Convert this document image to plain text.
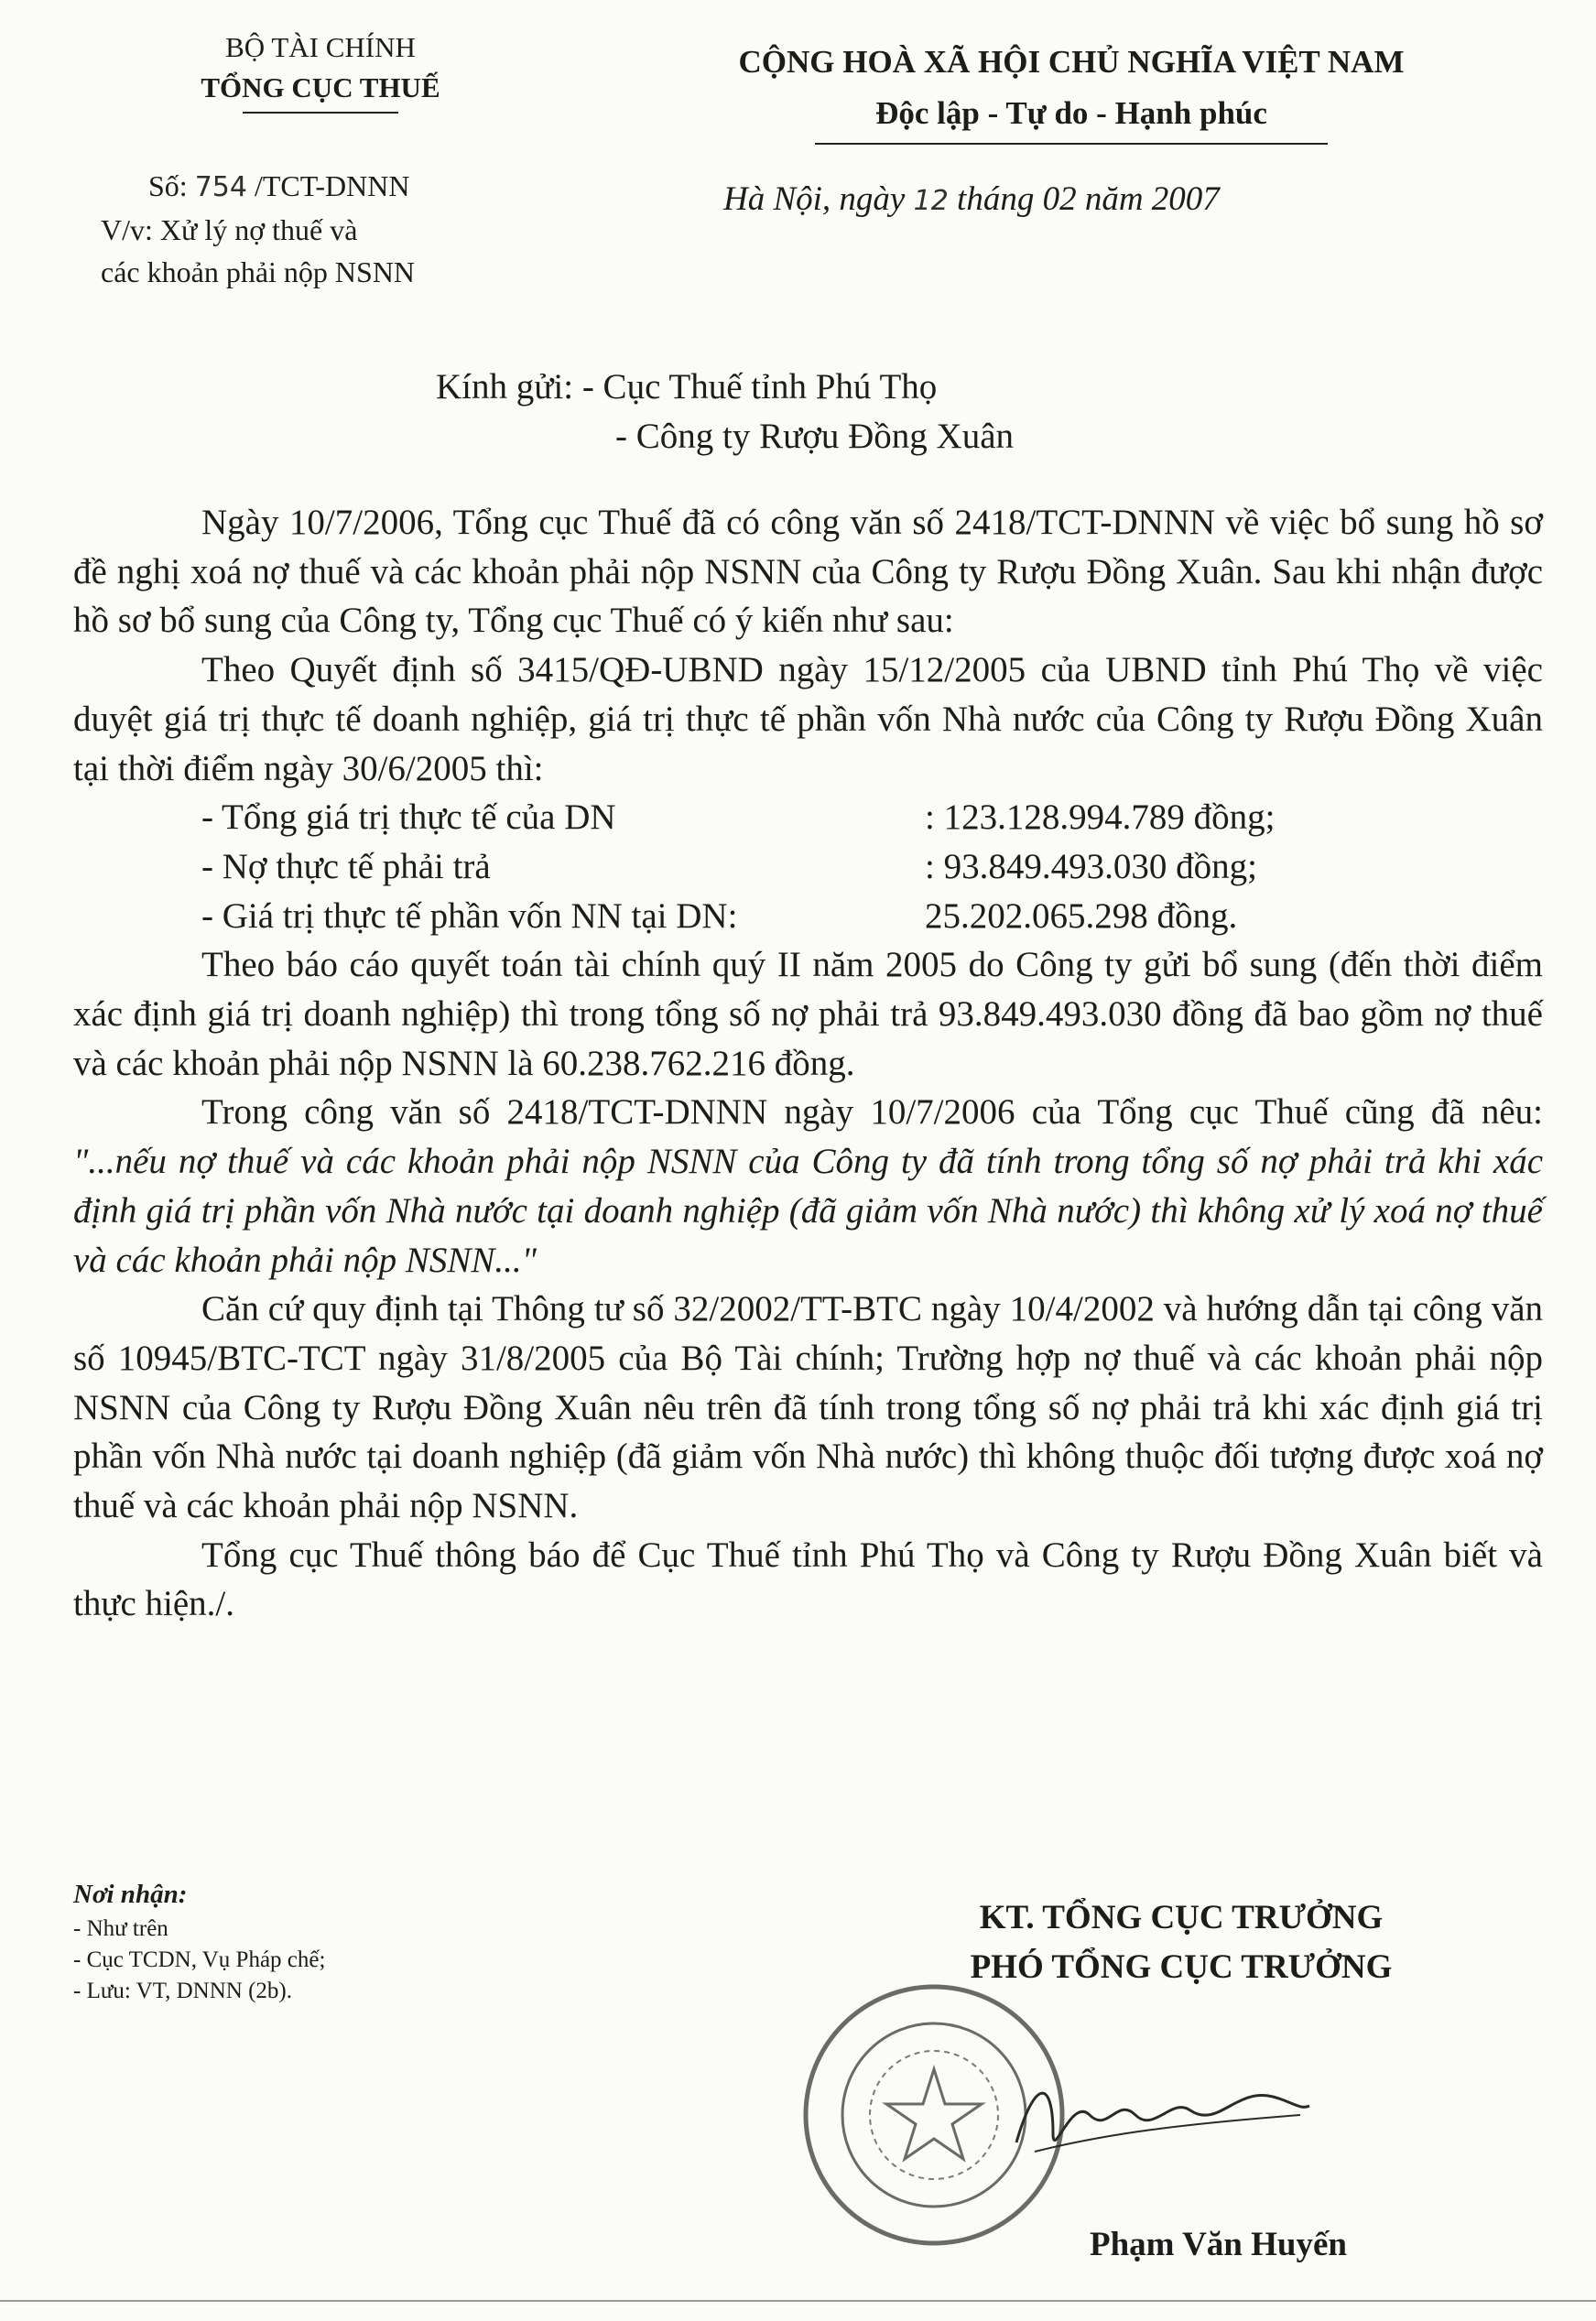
BỘ TÀI CHÍNH
TỔNG CỤC THUẾ
CỘNG HOÀ XÃ HỘI CHỦ NGHĨA VIỆT NAM
Độc lập - Tự do - Hạnh phúc
Số: 754 /TCT-DNNN
V/v: Xử lý nợ thuế và
các khoản phải nộp NSNN
Hà Nội, ngày 12 tháng 02 năm 2007
Kính gửi: - Cục Thuế tỉnh Phú Thọ
- Công ty Rượu Đồng Xuân

Ngày 10/7/2006, Tổng cục Thuế đã có công văn số 2418/TCT-DNNN về việc bổ sung hồ sơ đề nghị xoá nợ thuế và các khoản phải nộp NSNN của Công ty Rượu Đồng Xuân. Sau khi nhận được hồ sơ bổ sung của Công ty, Tổng cục Thuế có ý kiến như sau:

Theo Quyết định số 3415/QĐ-UBND ngày 15/12/2005 của UBND tỉnh Phú Thọ về việc duyệt giá trị thực tế doanh nghiệp, giá trị thực tế phần vốn Nhà nước của Công ty Rượu Đồng Xuân tại thời điểm ngày 30/6/2005 thì:

- Tổng giá trị thực tế của DN	: 123.128.994.789 đồng;
- Nợ thực tế phải trả	: 93.849.493.030 đồng;
- Giá trị thực tế phần vốn NN tại DN:	25.202.065.298 đồng.

Theo báo cáo quyết toán tài chính quý II năm 2005 do Công ty gửi bổ sung (đến thời điểm xác định giá trị doanh nghiệp) thì trong tổng số nợ phải trả 93.849.493.030 đồng đã bao gồm nợ thuế và các khoản phải nộp NSNN là 60.238.762.216 đồng.

Trong công văn số 2418/TCT-DNNN ngày 10/7/2006 của Tổng cục Thuế cũng đã nêu: "...nếu nợ thuế và các khoản phải nộp NSNN của Công ty đã tính trong tổng số nợ phải trả khi xác định giá trị phần vốn Nhà nước tại doanh nghiệp (đã giảm vốn Nhà nước) thì không xử lý xoá nợ thuế và các khoản phải nộp NSNN..."

Căn cứ quy định tại Thông tư số 32/2002/TT-BTC ngày 10/4/2002 và hướng dẫn tại công văn số 10945/BTC-TCT ngày 31/8/2005 của Bộ Tài chính; Trường hợp nợ thuế và các khoản phải nộp NSNN của Công ty Rượu Đồng Xuân nêu trên đã tính trong tổng số nợ phải trả khi xác định giá trị phần vốn Nhà nước tại doanh nghiệp (đã giảm vốn Nhà nước) thì không thuộc đối tượng được xoá nợ thuế và các khoản phải nộp NSNN.

Tổng cục Thuế thông báo để Cục Thuế tỉnh Phú Thọ và Công ty Rượu Đồng Xuân biết và thực hiện./.

Nơi nhận:
- Như trên
- Cục TCDN, Vụ Pháp chế;
- Lưu: VT, DNNN (2b).
KT. TỔNG CỤC TRƯỞNG
PHÓ TỔNG CỤC TRƯỞNG
Phạm Văn Huyến
